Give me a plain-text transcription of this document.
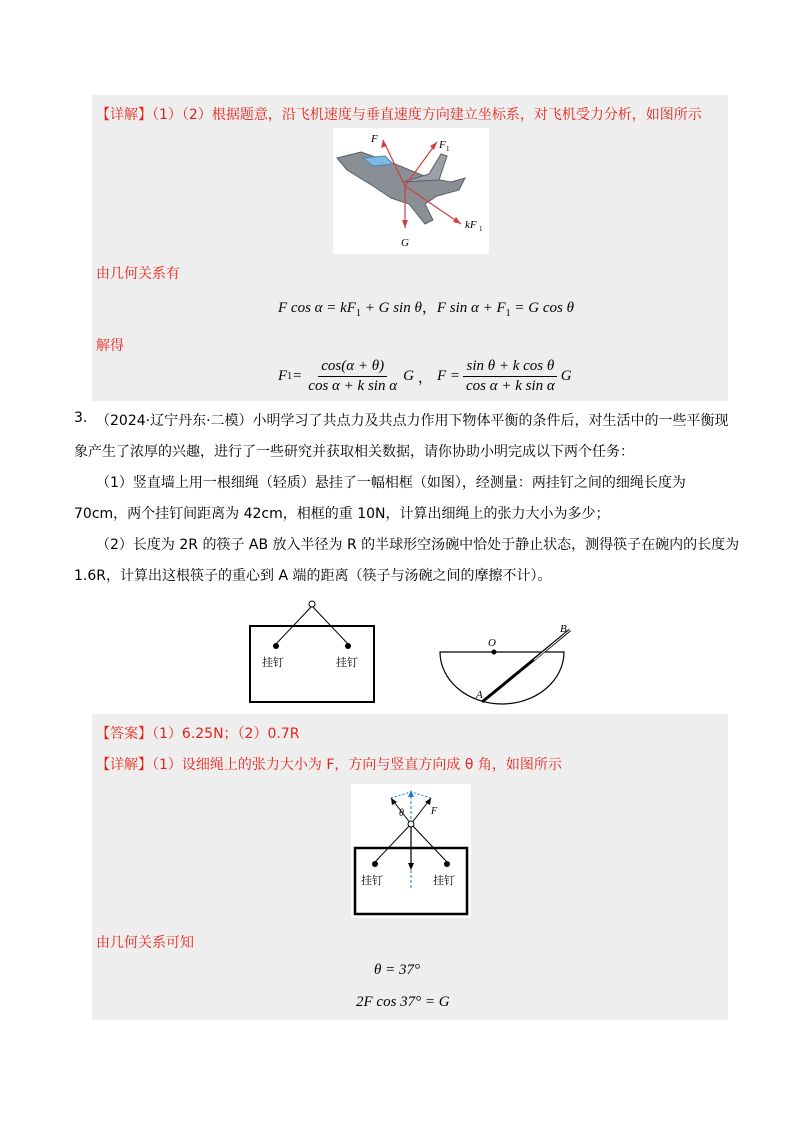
【详解】（1）（2）根据题意，沿飞机速度与垂直速度方向建立坐标系，对飞机受力分析，如图所示
F	F 1
kF 1
G
由几何关系有
F $\cos \alpha = kF_1 + G$ sin θ，F $\sin \alpha + F_1 = G$ cos θ
解得
F $1 = \frac{\cos(\alpha + \theta)}{\text{cos α + k sin α}}$ G ， $F = \frac{\text{sin θ + k cos θ}}{\text{cos α + k sin α}}$ G
3. （2024·辽宁丹东·二模）小明学习了共点力及共点力作用下物体平衡的条件后，对生活中的一些平衡现
象产生了浓厚的兴趣，进行了一些研究并获取相关数据，请你协助小明完成以下两个任务：
（1）竖直墙上用一根细绳（轻质）悬挂了一幅相框（如图），经测量：两挂钉之间的细绳长度为
70cm，两个挂钉间距离为 42cm，相框的重 10N，计算出细绳上的张力大小为多少；
（2）长度为 2R 的筷子 AB 放入半径为 R 的半球形空汤碗中恰处于静止状态，测得筷子在碗内的长度为
1.6R，计算出这根筷子的重心到 A 端的距离（筷子与汤碗之间的摩擦不计）。
挂钉	挂钉
O
A
B
【答案】（1）6.25N；（2）0.7R
【详解】（1）设细绳上的张力大小为 F，方向与竖直方向成 θ 角，如图所示
θ	F
挂钉	挂钉
由几何关系可知
θ = 37°
2F cos 37° = G
